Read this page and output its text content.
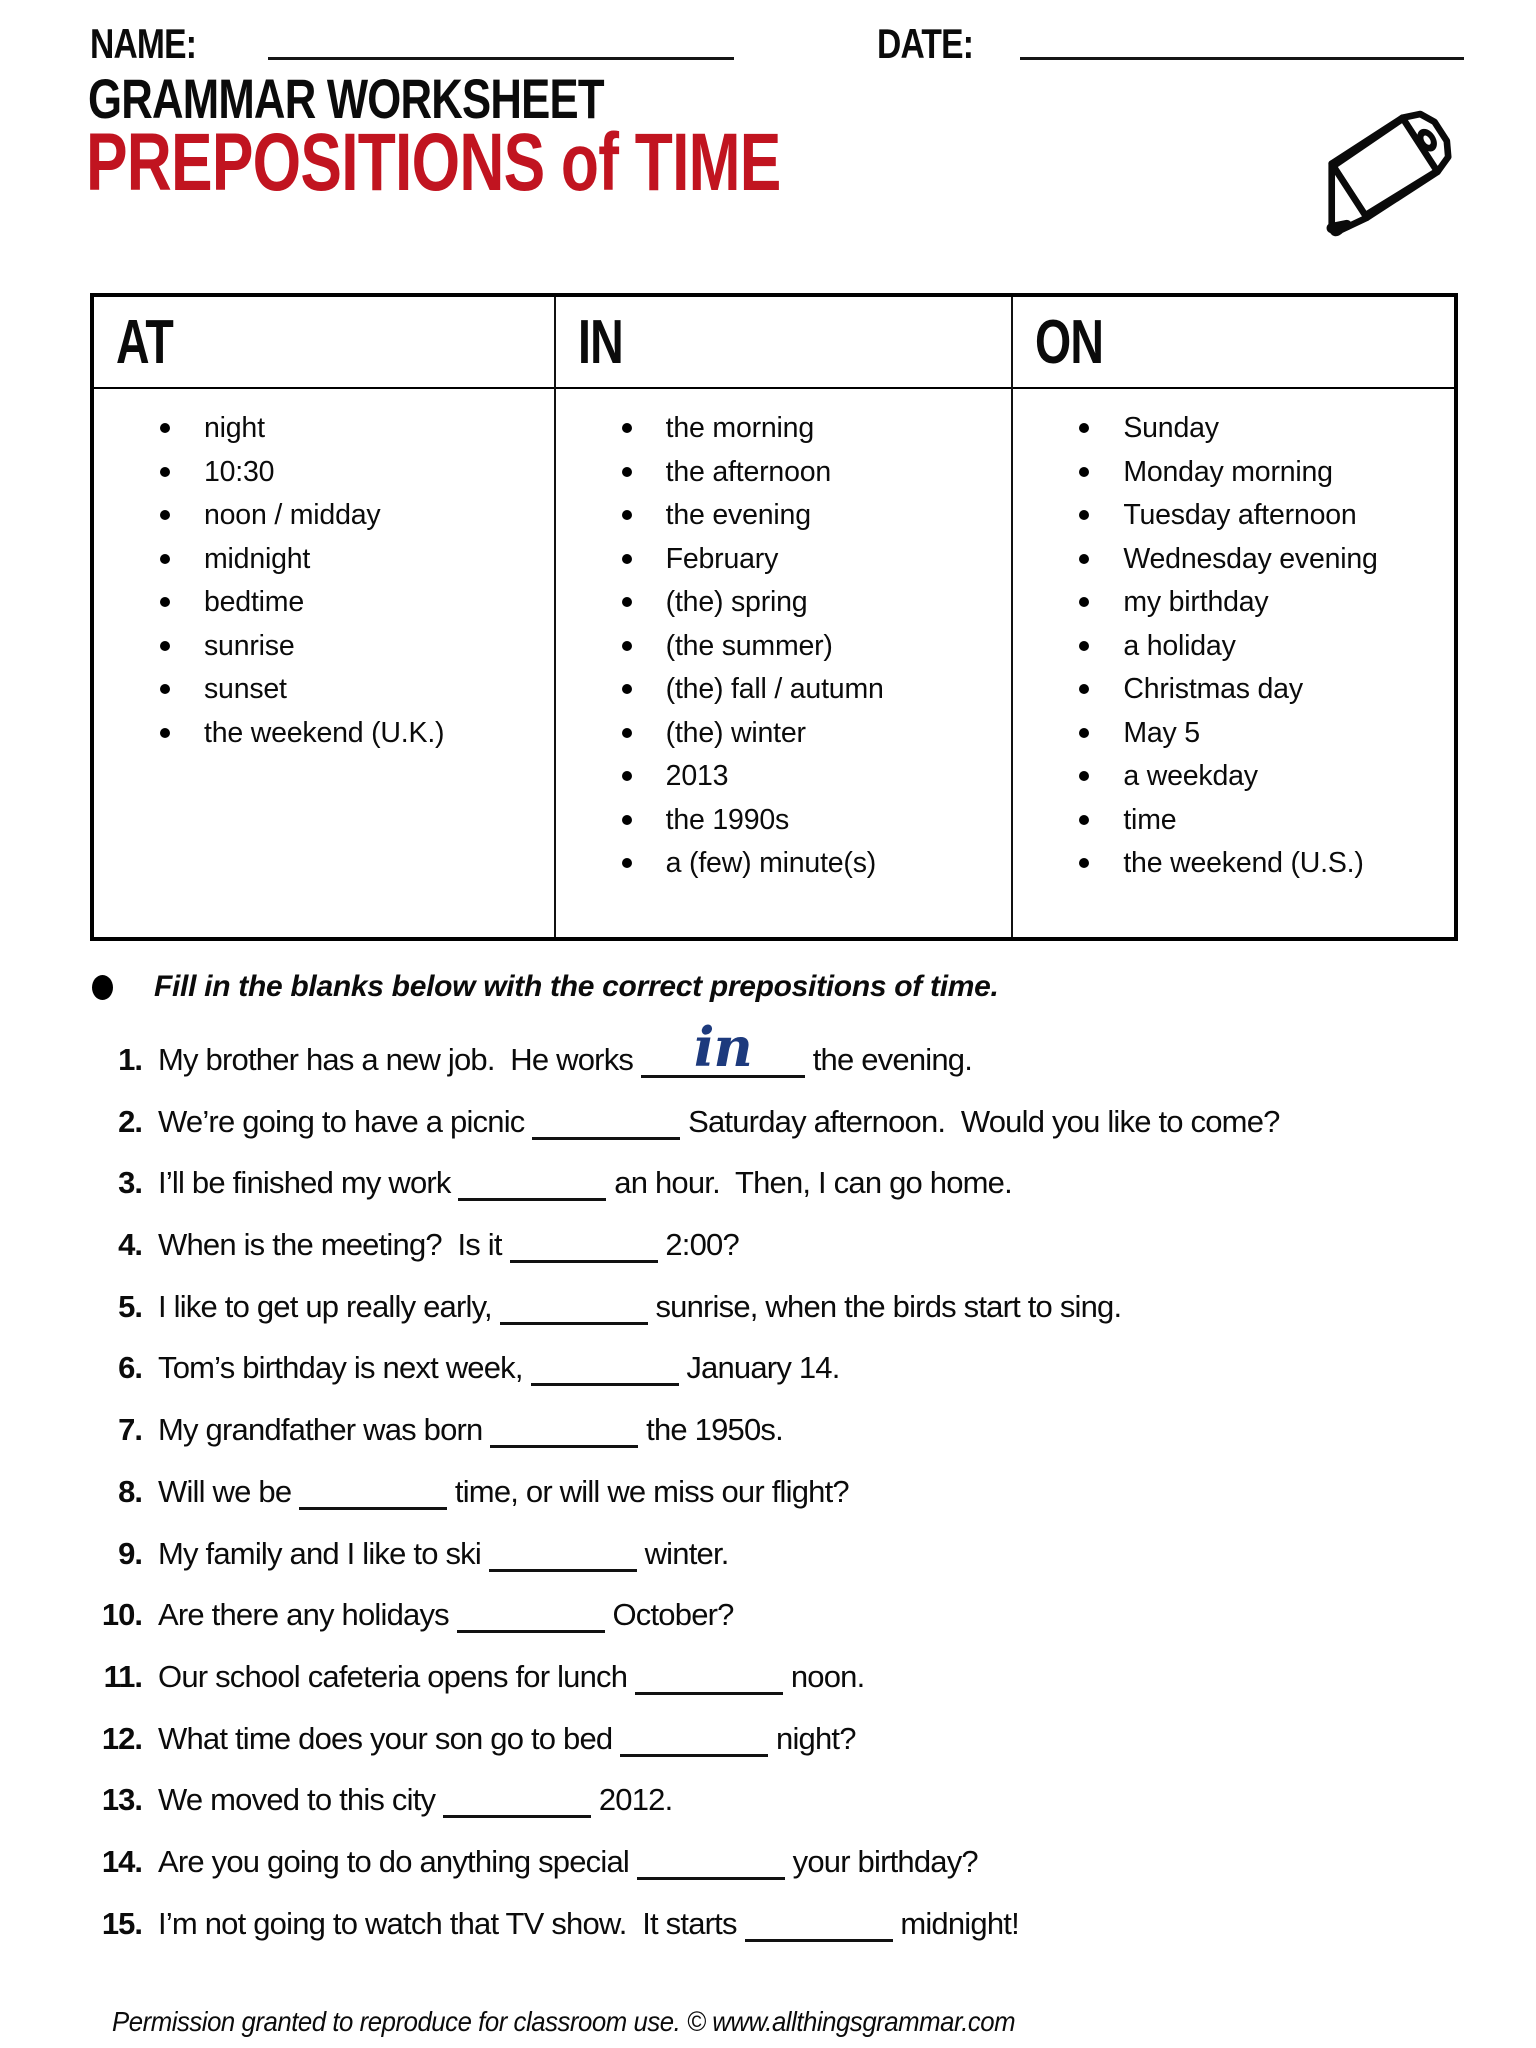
NAME:	DATE:
GRAMMAR WORKSHEET
PREPOSITIONS of TIME
AT
night
10:30
noon / midday
midnight
bedtime
sunrise
sunset
the weekend (U.K.)
IN
the morning
the afternoon
the evening
February
(the) spring
(the summer)
(the) fall / autumn
(the) winter
2013
the 1990s
a (few) minute(s)
ON
Sunday
Monday morning
Tuesday afternoon
Wednesday evening
my birthday
a holiday
Christmas day
May 5
a weekday
time
the weekend (U.S.)
Fill in the blanks below with the correct prepositions of time.
1. My brother has a new job.  He works in the evening.
2. We’re going to have a picnic	Saturday afternoon.  Would you like to come?
3. I’ll be finished my work	an hour.  Then, I can go home.
4. When is the meeting?  Is it	2:00?
5. I like to get up really early,	sunrise, when the birds start to sing.
6. Tom’s birthday is next week,	January 14.
7. My grandfather was born	the 1950s.
8. Will we be	time, or will we miss our flight?
9. My family and I like to ski	winter.
10. Are there any holidays	October?
11. Our school cafeteria opens for lunch	noon.
12. What time does your son go to bed	night?
13. We moved to this city	2012.
14. Are you going to do anything special	your birthday?
15. I’m not going to watch that TV show.  It starts	midnight!
Permission granted to reproduce for classroom use. © www.allthingsgrammar.com
